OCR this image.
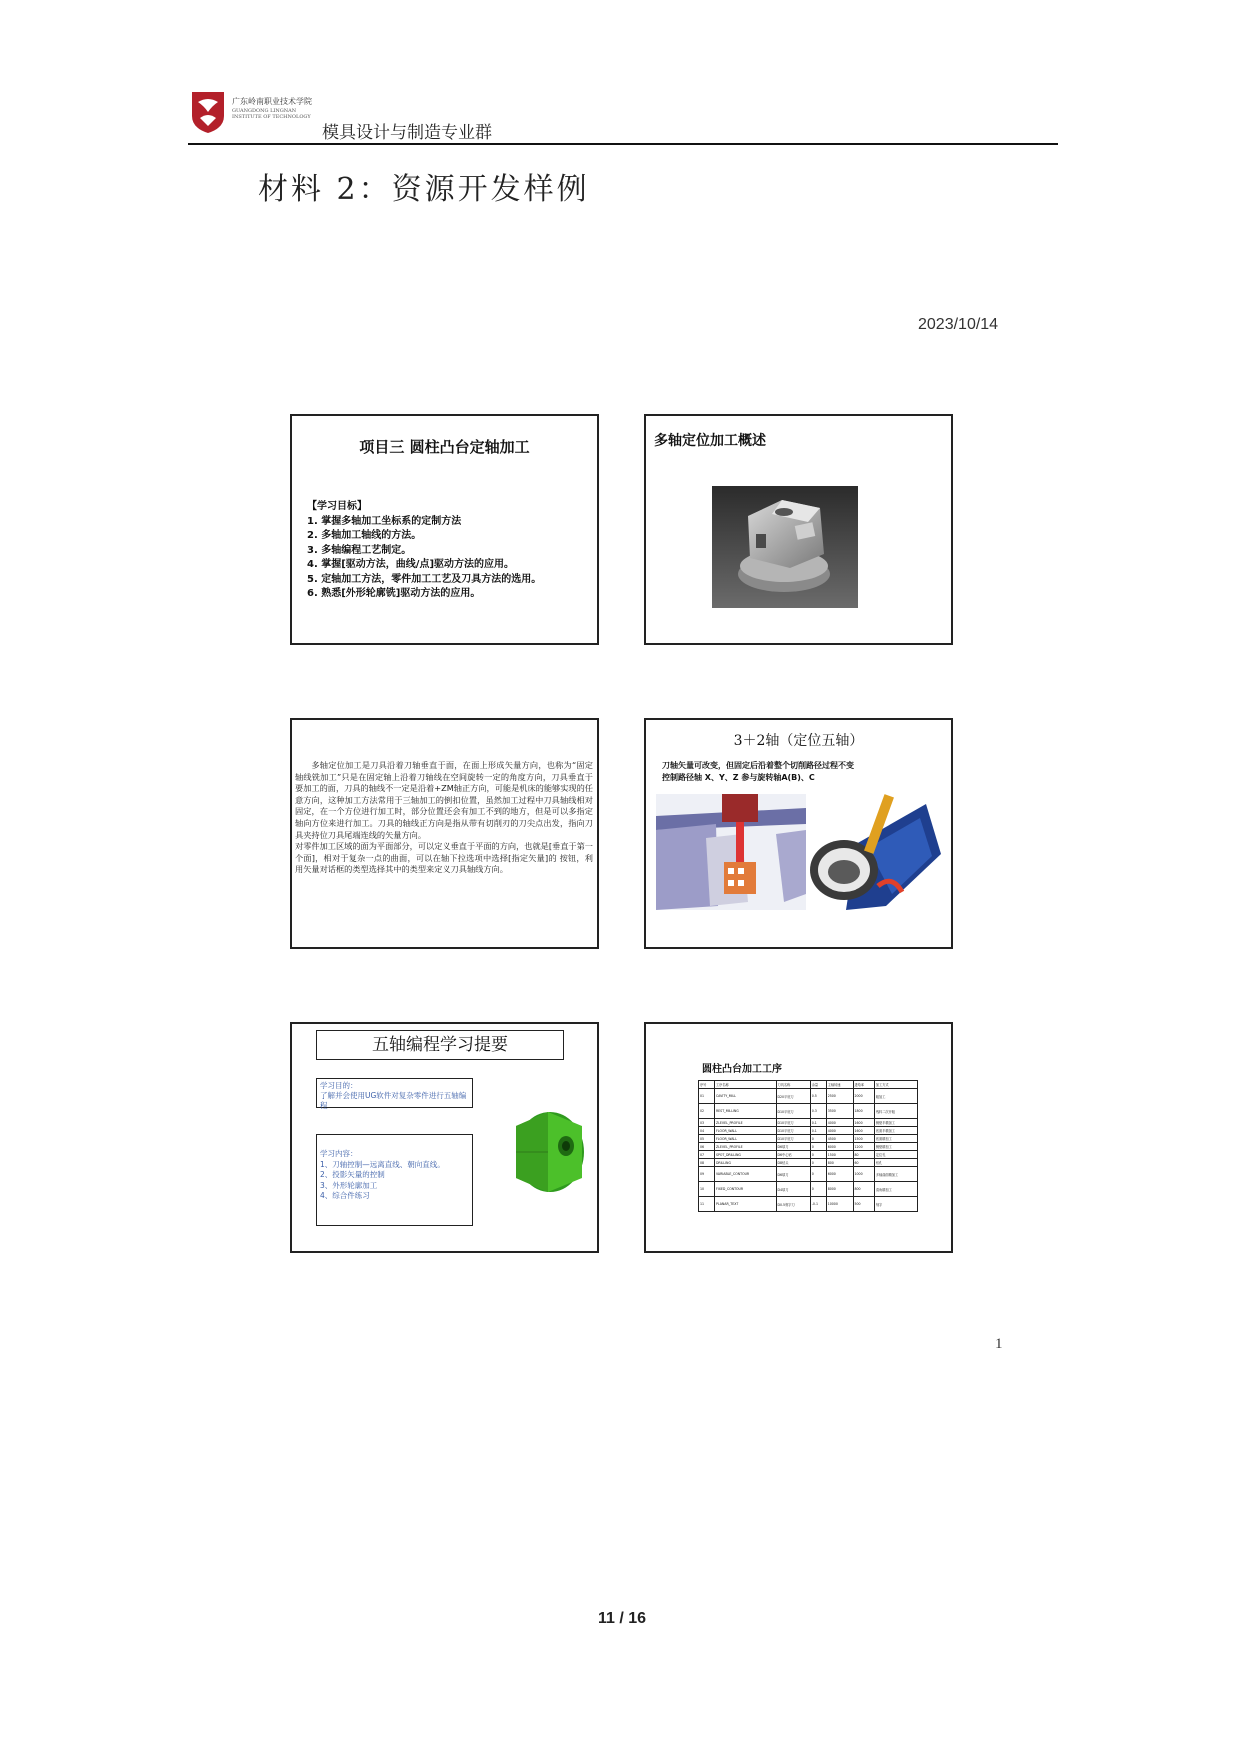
广东岭南职业技术学院
GUANGDONG LINGNAN INSTITUTE OF TECHNOLOGY
模具设计与制造专业群
材料 2：资源开发样例
2023/10/14
项目三 圆柱凸台定轴加工
【学习目标】
1. 掌握多轴加工坐标系的定制方法
2. 多轴加工轴线的方法。
3. 多轴编程工艺制定。
4. 掌握[驱动方法，曲线/点]驱动方法的应用。
5. 定轴加工方法，零件加工工艺及刀具方法的选用。
6. 熟悉[外形轮廓铣]驱动方法的应用。
多轴定位加工概述
多轴定位加工是刀具沿着刀轴垂直于面，在面上形成矢量方向，也称为“固定轴线铣加工”只是在固定轴上沿着刀轴线在空间旋转一定的角度方向，刀具垂直于要加工的面，刀具的轴线不一定是沿着+ZM轴正方向，可能是机床的能够实现的任意方向，这种加工方法常用于三轴加工的倒扣位置，虽然加工过程中刀具轴线相对固定，在一个方位进行加工时，部分位置还会有加工不到的地方，但是可以多指定轴向方位来进行加工。刀具的轴线正方向是指从带有切削刃的刀尖点出发，指向刀具夹持位刀具尾端连线的矢量方向。
对零件加工区域的面为平面部分，可以定义垂直于平面的方向，也就是[垂直于第一个面]，相对于复杂一点的曲面，可以在轴下拉选项中选择[指定矢量]的 按钮，利用矢量对话框的类型选择其中的类型来定义刀具轴线方向。
3＋2轴（定位五轴）
刀轴矢量可改变，但固定后沿着整个切削路径过程不变
控制路径轴 X、Y、Z 参与旋转轴A(B)、C
五轴编程学习提要
学习目的：
了解并会使用UG软件对复杂零件进行五轴编程
学习内容：
1、刀轴控制—远离直线、朝向直线。
2、投影矢量的控制
3、外形轮廓加工
4、综合件练习
圆柱凸台加工工序
序号	工序名称	刀具名称	余量	主轴转速	进给率	加工方式
01	CAVITY_MILL	D20平底刀	0.5	2500	2000	粗加工
02	REST_MILLING	D10平底刀	0.3	3500	1800	残料二次开粗
03	ZLEVEL_PROFILE	D10平底刀	0.1	4000	1600	侧壁半精加工
04	FLOOR_WALL	D10平底刀	0.1	4000	1600	底面半精加工
05	FLOOR_WALL	D10平底刀	0	4500	1500	底面精加工
06	ZLEVEL_PROFILE	D6球刀	0	6000	1200	侧壁精加工
07	SPOT_DRILLING	D6中心钻	0	1500	80	定位孔
08	DRILLING	D8钻头	0	800	60	钻孔
09	VARIABLE_CONTOUR	D6球刀	0	6000	1000	多轴曲面精加工
10	FIXED_CONTOUR	D4球刀	0	8000	800	清角精加工
11	PLANAR_TEXT	D0.5刻字刀	-0.1	10000	500	刻字
1
11 / 16
